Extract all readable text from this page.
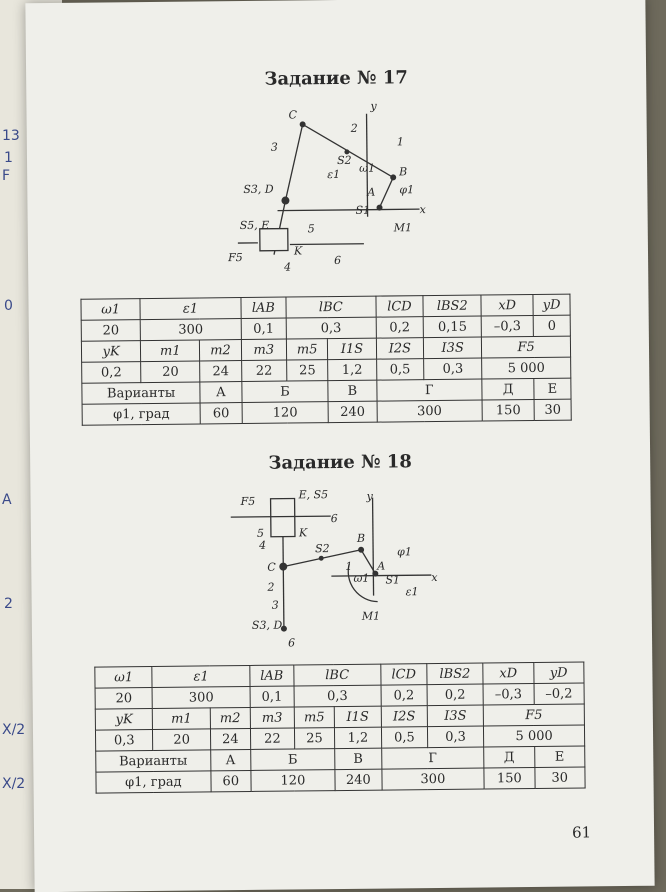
13
1
F
0
A
2
X/2
X/2
Задание № 17
C
y
2
1
3
S2
ω1 B
ε1
φ1
S3, D	A
S1	x
M1
S5, E	5
F5
K
4	6
ω1	ε1		lAB	lBC		lCD	lBS2	xD	yD
20	300		0,1	0,3		0,2	0,15	–0,3	0
yK	m1	m2	m3	m5	I1S	I2S	I3S	F5	
0,2	20	24	22	25	1,2	0,5	0,3	5 000	
Варианты		А	Б		В	Г		Д	Е
φ1, град		60	120		240	300		150	30
Задание № 18
F5
E, S5	y
6
5	K
4	S2
B
φ1
C	1 A
ω1 S1
ε1
x
2
3
M1
S3, D
6
ω1	ε1		lAB	lBC		lCD	lBS2	xD	yD
20	300		0,1	0,3		0,2	0,2	–0,3	–0,2
yK	m1	m2	m3	m5	I1S	I2S	I3S	F5	
0,3	20	24	22	25	1,2	0,5	0,3	5 000	
Варианты		А	Б		В	Г		Д	Е
φ1, град		60	120		240	300		150	30
61
